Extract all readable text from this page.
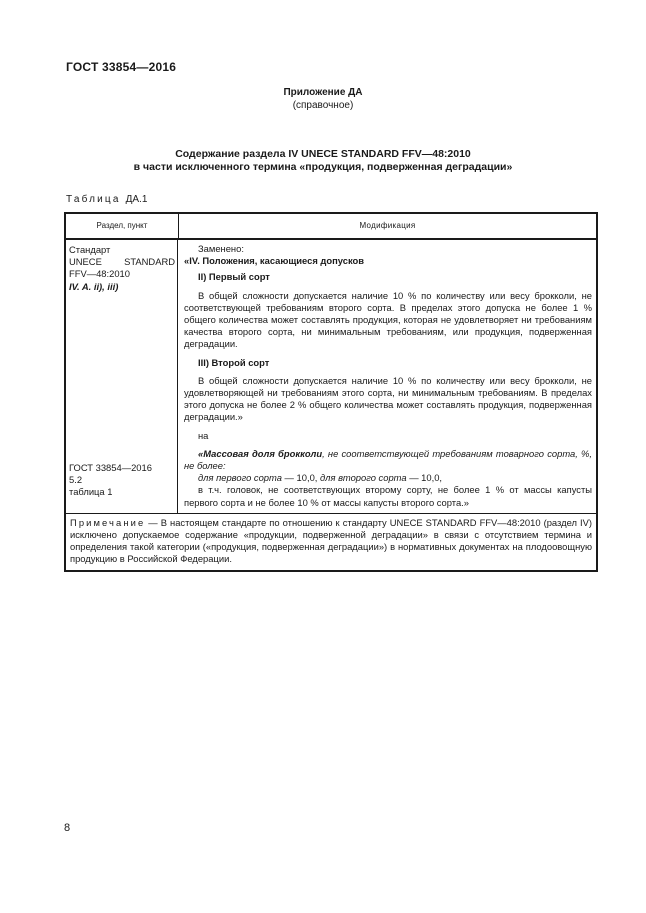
ГОСТ 33854—2016
Приложение ДА
(справочное)
Содержание раздела IV UNECE STANDARD FFV—48:2010
в части исключенного термина «продукция, подверженная деградации»
Таблица ДА.1
Раздел, пункт	Модификация
Стандарт
UNECE STANDARD
FFV—48:2010
IV. A. ii), iii)
ГОСТ 33854—2016
5.2
таблица 1

Заменено:

«IV. Положения, касающиеся допусков

II) Первый сорт

В общей сложности допускается наличие 10 % по количеству или весу брокколи, не соответствующей требованиям второго сорта. В пределах этого допуска не более 1 % общего количества может составлять продукция, которая не удовлетворяет ни требованиям качества второго сорта, ни минимальным требованиям, или продукция, подверженная деградации.

III) Второй сорт

В общей сложности допускается наличие 10 % по количеству или весу брокколи, не удовлетворяющей ни требованиям этого сорта, ни минимальным требованиям. В пределах этого допуска не более 2 % общего количества может составлять продукция, подверженная деградации.»

на

«Массовая доля брокколи, не соответствующей требованиям товарного сорта, %, не более:

для первого сорта — 10,0, для второго сорта — 10,0,

в т.ч. головок, не соответствующих второму сорту, не более 1 % от массы капусты первого сорта и не более 10 % от массы капусты второго сорта.»

Примечание — В настоящем стандарте по отношению к стандарту UNECE STANDARD FFV—48:2010 (раздел IV) исключено допускаемое содержание «продукции, подверженной деградации» в связи с отсутствием термина и определения такой категории («продукция, подверженная деградации») в нормативных документах на плодоовощную продукцию в Российской Федерации.
8
